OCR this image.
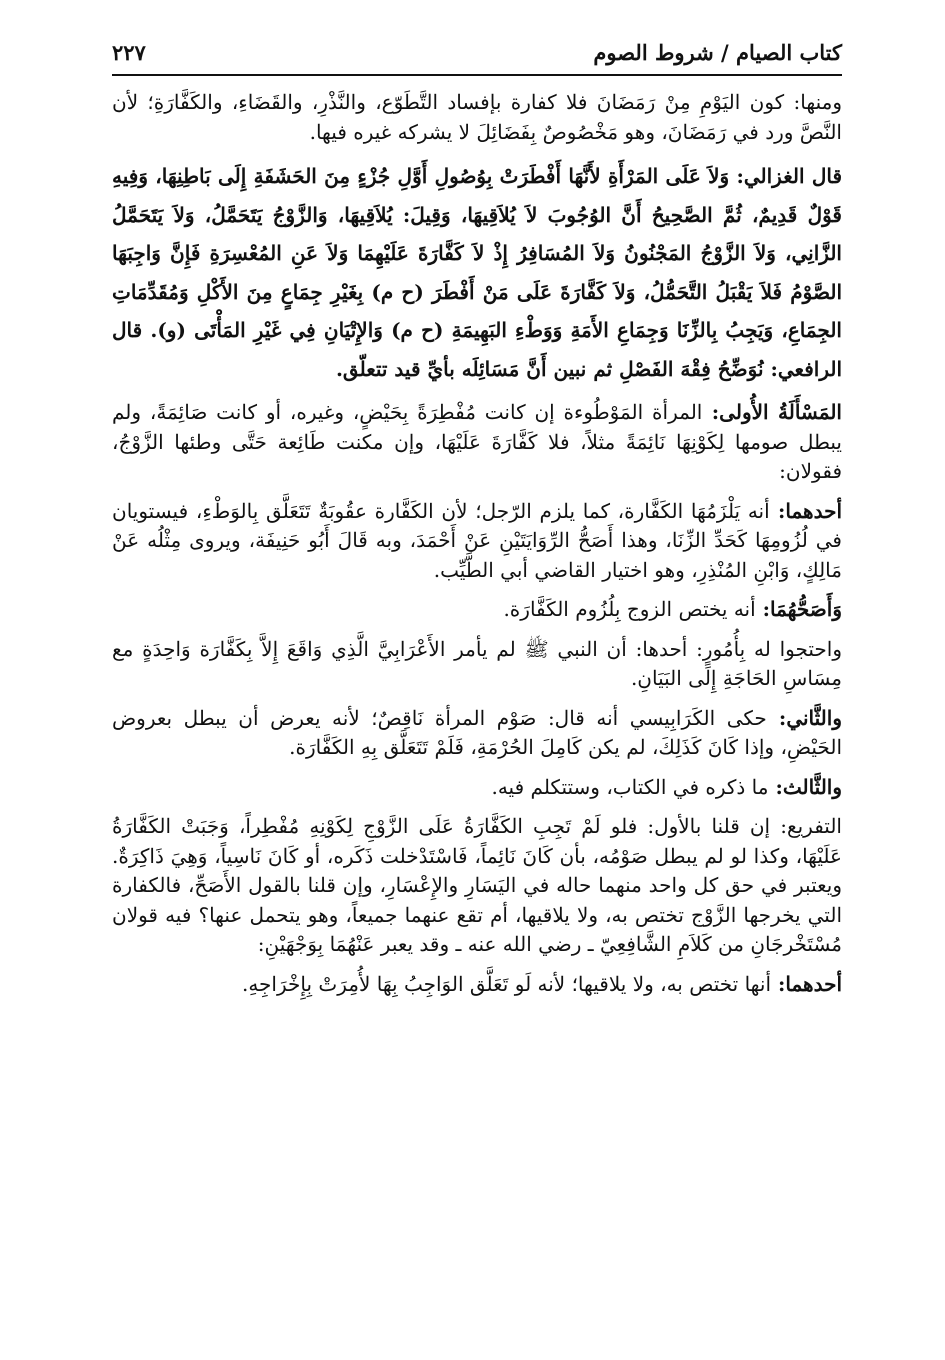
كتاب الصيام / شروط الصوم
٢٢٧

ومنها: كون اليَوْمِ مِنْ رَمَضَانَ فلا كفارة بإفساد التَّطَوّع، والنَّذْرِ، والقَضَاءِ، والكَفَّارَةِ؛ لأن النَّصَّ ورد في رَمَضَانَ، وهو مَخْصُوصٌ بِفَضَائِلَ لا يشركه غيره فيها.

قال الغزالي: وَلاَ عَلَى المَرْأَةِ لأَنَّهَا أَفْطَرَتْ بِوُصُولِ أَوَّلِ جُزْءٍ مِنَ الحَشَفَةِ إِلَى بَاطِنِهَا، وَفِيهِ قَوْلٌ قَدِيمٌ، ثُمَّ الصَّحِيحُ أَنَّ الوُجُوبَ لاَ يُلاَقِيهَا، وَقِيلَ: يُلاَقِيهَا، وَالزَّوْجُ يَتَحَمَّلُ، وَلاَ يَتَحَمَّلُ الزَّانِي، وَلاَ الزَّوْجُ المَجْنُونُ وَلاَ المُسَافِرُ إِذْ لاَ كَفَّارَةَ عَلَيْهِمَا وَلاَ عَنِ المُعْسِرَةِ فَإِنَّ وَاجِبَهَا الصَّوْمُ فَلاَ يَقْبَلُ التَّحَمُّلُ، وَلاَ كَفَّارَةَ عَلَى مَنْ أَفْطَرَ (ح م) بِغَيْرِ جِمَاعٍ مِنَ الأَكْلِ وَمُقَدِّمَاتِ الجِمَاعِ، وَيَجِبُ بِالزِّنَا وَجِمَاعِ الأَمَةِ وَوَطْءِ البَهِيمَةِ (ح م) وَالإِتْيَانِ فِي غَيْرِ المَأْتَى (و). قال الرافعي: نُوَضِّحُ فِقْهَ الفَصْلِ ثم نبين أَنَّ مَسَائِلَه بأيِّ قيد تتعلّق.

المَسْأَلَةُ الأُولى: المرأة المَوْطُوءة إن كانت مُفْطِرَةً بِحَيْضٍ، وغيره، أو كانت صَائِمَةً، ولم يبطل صومها لِكَوْنِهَا نَائِمَةً مثلاً، فلا كَفَّارَةَ عَلَيْهَا، وإن مكنت طَائِعة حَتَّى وطئها الزَّوْجُ، فقولان:

أحدهما: أنه يَلْزَمُهَا الكَفَّارة، كما يلزم الرّجل؛ لأن الكَفَّارة عقُوبَةٌ تَتَعَلَّق بِالوَطْءِ، فيستويان في لُزُومِهَا كَحَدِّ الزِّنَا، وهذا أَصَحُّ الرِّوَايَتَيْنِ عَنْ أَحْمَدَ، وبه قَالَ أَبُو حَنِيفَة، ويروى مِثْلُه عَنْ مَالِكٍ، وَابْنِ المُنْذِرِ، وهو اختيار القاضي أبي الطَّيِّب.

وَأَصَحُّهُمَا: أنه يختص الزوج بِلُزُوم الكَفَّارَة.

واحتجوا له بِأُمُورٍ: أحدها: أن النبي ﷺ لم يأمر الأَعْرَابِيَّ الَّذِي وَاقَعَ إِلاَّ بِكَفَّارَة وَاحِدَةٍ مع مِسَاسِ الحَاجَةِ إِلَى البَيَانِ.

والثَّاني: حكى الكَرَابِيسي أنه قال: صَوْم المرأة نَاقِصٌ؛ لأنه يعرض أن يبطل بعروض الحَيْضِ، وإذا كَانَ كَذَلِكَ، لم يكن كَامِلَ الحُرْمَةِ، فَلَمْ تَتَعَلَّق بِهِ الكَفَّارَة.

والثَّالث: ما ذكره في الكتاب، وستتكلم فيه.

التفريع: إن قلنا بالأول: فلو لَمْ تَجِبِ الكَفَّارَةُ عَلَى الزَّوْجِ لِكَوْنِهِ مُفْطِراً، وَجَبَتْ الكَفَّارَةُ عَلَيْهَا، وكذا لو لم يبطل صَوْمُه، بأن كَانَ نَائِماً، فَاسْتَدْخلت ذَكَره، أو كَانَ نَاسِياً، وَهِيَ ذَاكِرَةٌ. ويعتبر في حق كل واحد منهما حاله في اليَسَارِ والإِعْسَارِ، وإن قلنا بالقول الأَصَحِّ، فالكفارة التي يخرجها الزَّوْج تختص به، ولا يلاقيها، أم تقع عنهما جميعاً، وهو يتحمل عنها؟ فيه قولان مُسْتَخْرجَانِ من كَلاَمِ الشَّافِعِيّ ـ رضي الله عنه ـ وقد يعبر عَنْهُمَا بِوَجْهَيْنِ:

أحدهما: أنها تختص به، ولا يلاقيها؛ لأنه لَو تَعَلَّق الوَاجِبُ بِهَا لأُمِرَتْ بِإِخْرَاجِهِ.
